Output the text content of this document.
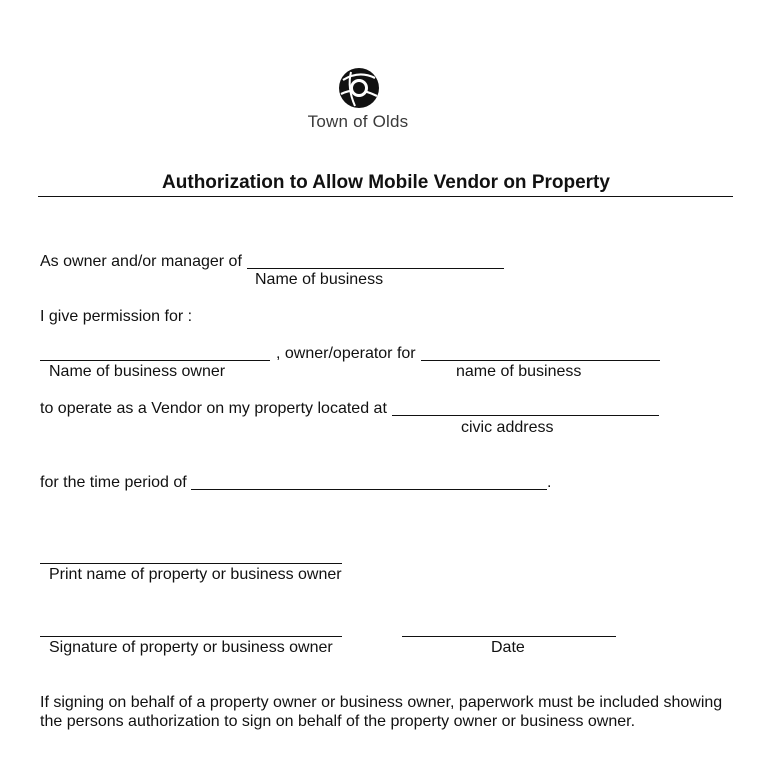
Town of Olds
Authorization to Allow Mobile Vendor on Property
As owner and/or manager of
Name of business
I give permission for :
, owner/operator for
Name of business owner	name of business
to operate as a Vendor on my property located at
civic address
for the time period of	.
Print name of property or business owner
Signature of property or business owner	Date
If signing on behalf of a property owner or business owner, paperwork must be included showing the persons authorization to sign on behalf of the property owner or business owner.
